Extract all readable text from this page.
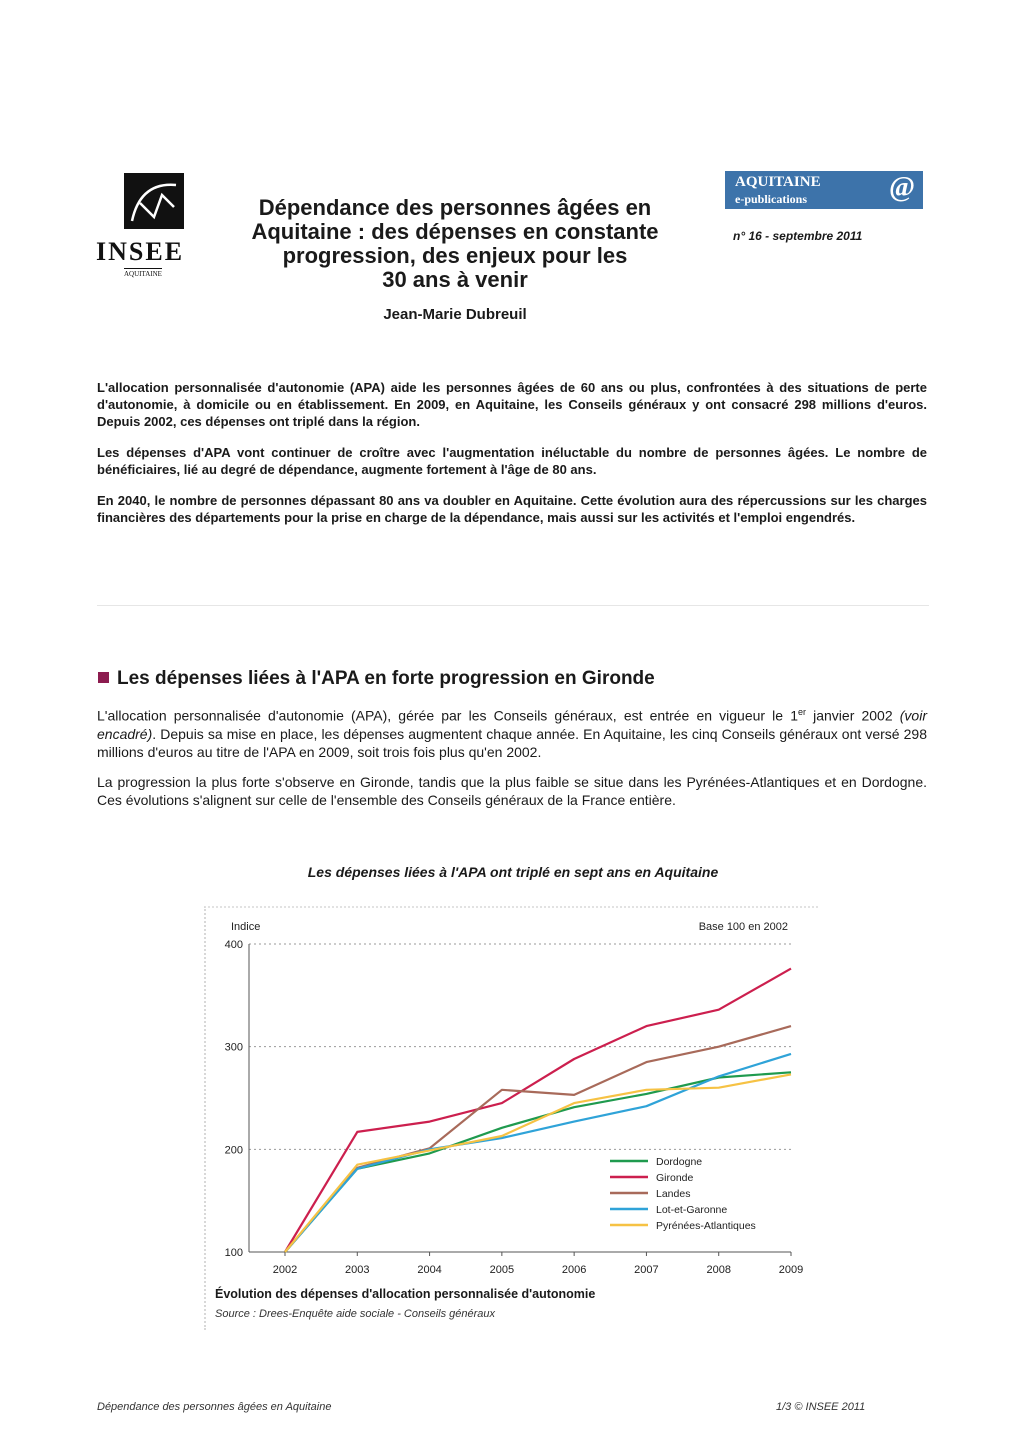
INSEE
AQUITAINE
Dépendance des personnes âgées en
Aquitaine : des dépenses en constante
progression, des enjeux pour les
30 ans à venir
Jean-Marie Dubreuil
AQUITAINE
e-publications	@
n° 16 - septembre 2011

L'allocation personnalisée d'autonomie (APA) aide les personnes âgées de 60 ans ou plus, confrontées à des situations de perte d'autonomie, à domicile ou en établissement. En 2009, en Aquitaine, les Conseils généraux y ont consacré 298 millions d'euros. Depuis 2002, ces dépenses ont triplé dans la région.

Les dépenses d'APA vont continuer de croître avec l'augmentation inéluctable du nombre de personnes âgées. Le nombre de bénéficiaires, lié au degré de dépendance, augmente fortement à l'âge de 80 ans.

En 2040, le nombre de personnes dépassant 80 ans va doubler en Aquitaine. Cette évolution aura des répercussions sur les charges financières des départements pour la prise en charge de la dépendance, mais aussi sur les activités et l'emploi engendrés.

Les dépenses liées à l'APA en forte progression en Gironde

L'allocation personnalisée d'autonomie (APA), gérée par les Conseils généraux, est entrée en vigueur le 1er janvier 2002 (voir encadré). Depuis sa mise en place, les dépenses augmentent chaque année. En Aquitaine, les cinq Conseils généraux ont versé 298 millions d'euros au titre de l'APA en 2009, soit trois fois plus qu'en 2002.

La progression la plus forte s'observe en Gironde, tandis que la plus faible se situe dans les Pyrénées-Atlantiques et en Dordogne. Ces évolutions s'alignent sur celle de l'ensemble des Conseils généraux de la France entière.

Les dépenses liées à l'APA ont triplé en sept ans en Aquitaine
100
200
300
400
2002	2003	2004	2005	2006	2007	2008	2009
Indice	Base 100 en 2002
Dordogne
Gironde
Landes
Lot-et-Garonne
Pyrénées-Atlantiques
Évolution des dépenses d'allocation personnalisée d'autonomie
Source : Drees-Enquête aide sociale - Conseils généraux
Dépendance des personnes âgées en Aquitaine	1/3 © INSEE 2011
